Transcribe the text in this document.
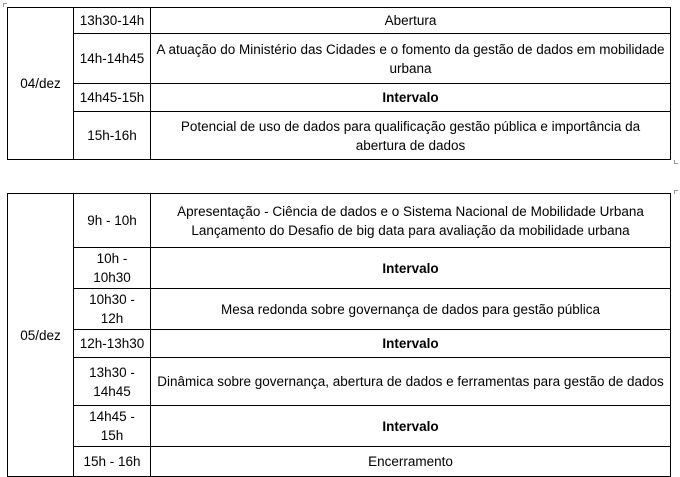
04/dez	13h30-14h	Abertura
	14h-14h45	A atuação do Ministério das Cidades e o fomento da gestão de dados em mobilidade urbana
	14h45-15h	Intervalo
	15h-16h	Potencial de uso de dados para qualificação gestão pública e importância da abertura de dados
05/dez	9h - 10h	Apresentação - Ciência de dados e o Sistema Nacional de Mobilidade Urbana Lançamento do Desafio de big data para avaliação da mobilidade urbana
	10h - 10h30	Intervalo
	10h30 - 12h	Mesa redonda sobre governança de dados para gestão pública
	12h-13h30	Intervalo
	13h30 - 14h45	Dinâmica sobre governança, abertura de dados e ferramentas para gestão de dados
	14h45 - 15h	Intervalo
	15h - 16h	Encerramento
